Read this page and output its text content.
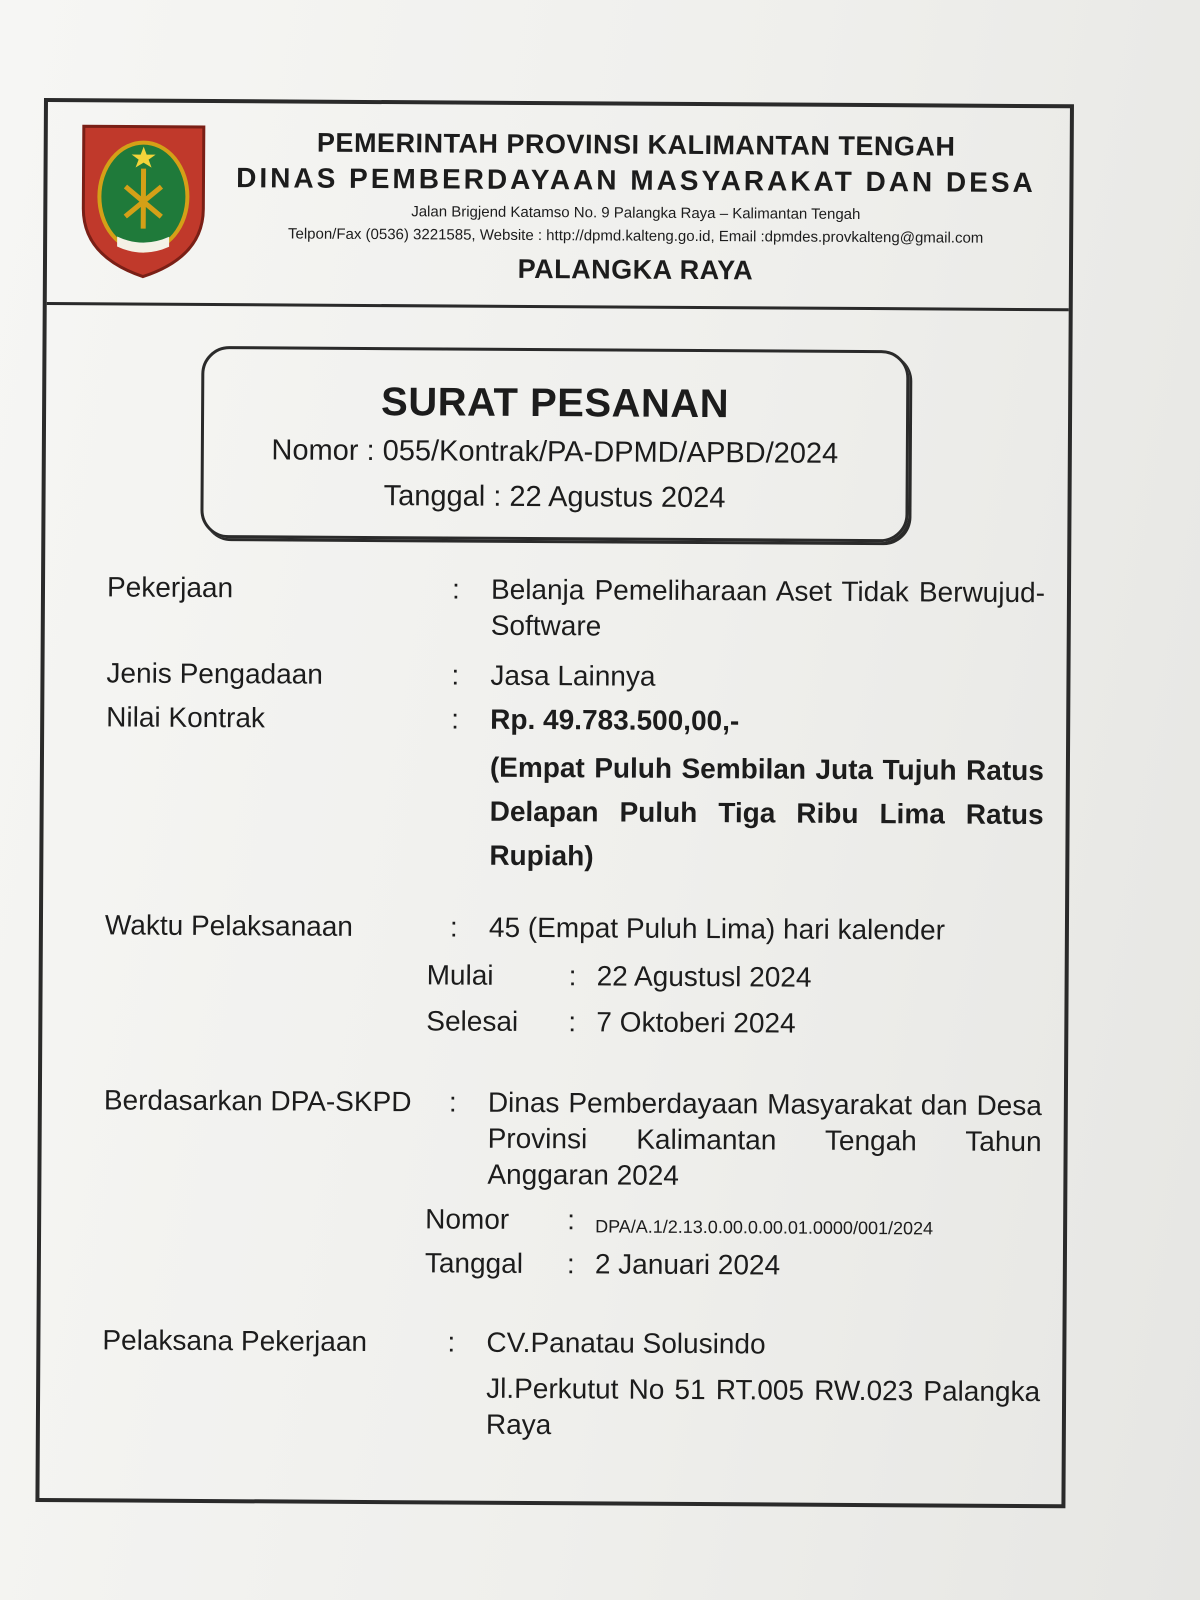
PEMERINTAH PROVINSI KALIMANTAN TENGAH
DINAS PEMBERDAYAAN MASYARAKAT DAN DESA
Jalan Brigjend Katamso No. 9 Palangka Raya – Kalimantan Tengah
Telpon/Fax (0536) 3221585, Website : http://dpmd.kalteng.go.id, Email :dpmdes.provkalteng@gmail.com
PALANGKA RAYA
SURAT PESANAN
Nomor : 055/Kontrak/PA-DPMD/APBD/2024
Tanggal : 22 Agustus 2024
Pekerjaan	: Belanja Pemeliharaan Aset Tidak Berwujud-Software
Jenis Pengadaan	: Jasa Lainnya
Nilai Kontrak	: Rp. 49.783.500,00,-
(Empat Puluh Sembilan Juta Tujuh Ratus Delapan Puluh Tiga Ribu Lima Ratus Rupiah)
Waktu Pelaksanaan	: 45 (Empat Puluh Lima) hari kalender
Mulai	: 22 Agustusl 2024
Selesai : 7 Oktoberi 2024
Berdasarkan DPA-SKPD : Dinas Pemberdayaan Masyarakat dan Desa Provinsi Kalimantan Tengah Tahun Anggaran 2024
Nomor : DPA/A.1/2.13.0.00.0.00.01.0000/001/2024
Tanggal : 2 Januari 2024
Pelaksana Pekerjaan	: CV.Panatau Solusindo
Jl.Perkutut No 51 RT.005 RW.023 Palangka Raya
